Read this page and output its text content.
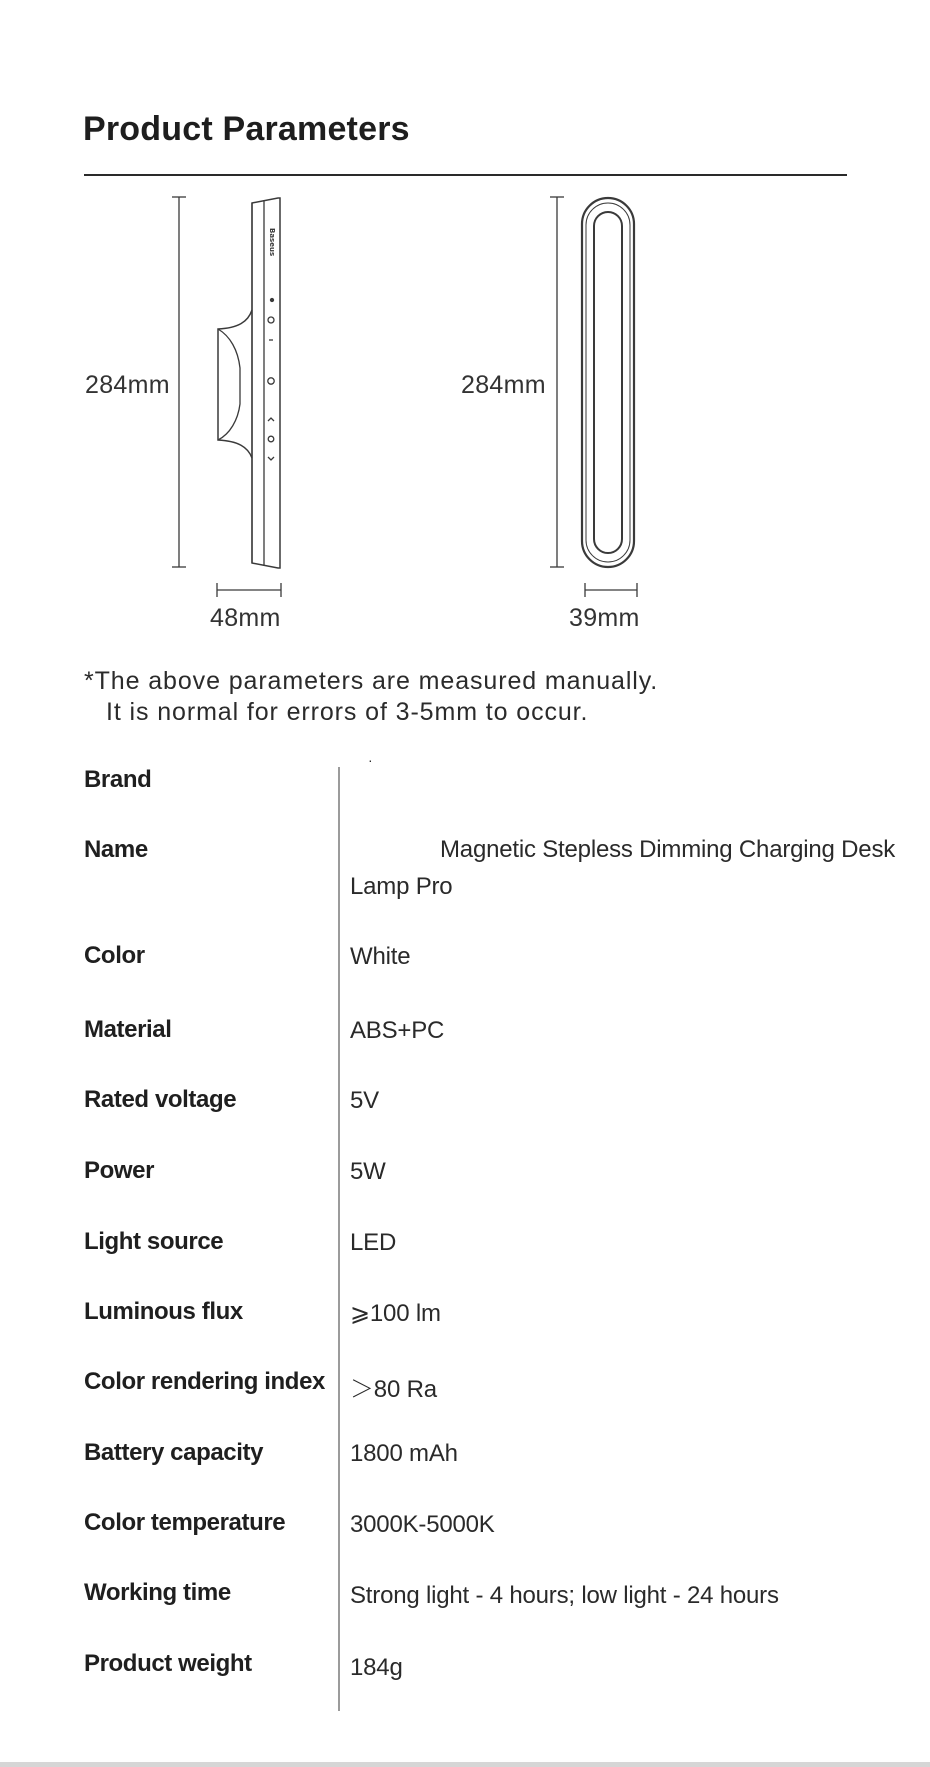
Product Parameters
Baseus
284mm
48mm
284mm
39mm
*The above parameters are measured manually.
It is normal for errors of 3-5mm to occur.
Brand
·
Name	Magnetic Stepless Dimming Charging Desk
Lamp Pro
Color	White
Material	ABS+PC
Rated voltage	5V
Power	5W
Light source	LED
Luminous flux	⩾100 lm
Color rendering index ＞80 Ra
Battery capacity	1800 mAh
Color temperature	3000K-5000K
Working time	Strong light - 4 hours; low light - 24 hours
Product weight	184g
